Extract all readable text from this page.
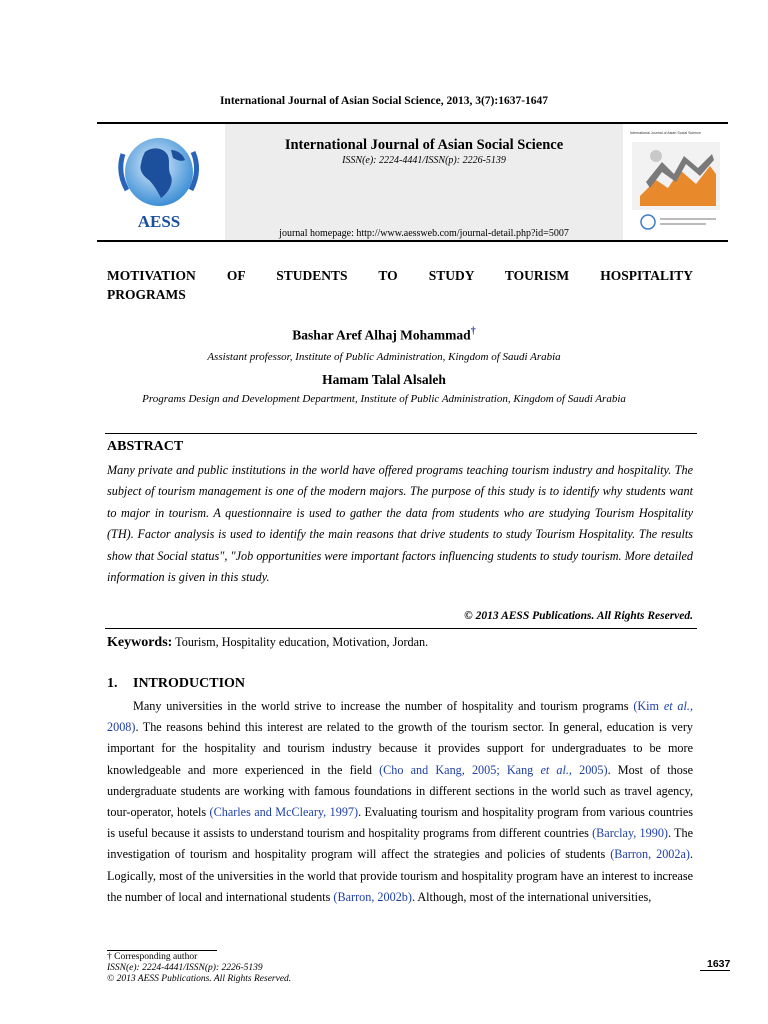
International Journal of Asian Social Science, 2013, 3(7):1637-1647
AESS
International Journal of Asian Social Science
ISSN(e): 2224-4441/ISSN(p): 2226-5139
journal homepage: http://www.aessweb.com/journal-detail.php?id=5007
International Journal of Asian Social Science
MOTIVATION OF STUDENTS TO STUDY TOURISM HOSPITALITY
PROGRAMS
Bashar Aref Alhaj Mohammad†
Assistant professor, Institute of Public Administration, Kingdom of Saudi Arabia
Hamam Talal Alsaleh
Programs Design and Development Department, Institute of Public Administration, Kingdom of Saudi Arabia
ABSTRACT
Many private and public institutions in the world have offered programs teaching tourism industry and hospitality. The subject of tourism management is one of the modern majors. The purpose of this study is to identify why students want to major in tourism. A questionnaire is used to gather the data from students who are studying Tourism Hospitality (TH). Factor analysis is used to identify the main reasons that drive students to study Tourism Hospitality. The results show that Social status", "Job opportunities were important factors influencing students to study tourism. More detailed information is given in this study.
© 2013 AESS Publications. All Rights Reserved.
Keywords: Tourism, Hospitality education, Motivation, Jordan.
1. INTRODUCTION
Many universities in the world strive to increase the number of hospitality and tourism programs (Kim et al., 2008). The reasons behind this interest are related to the growth of the tourism sector. In general, education is very important for the hospitality and tourism industry because it provides support for undergraduates to be more knowledgeable and more experienced in the field (Cho and Kang, 2005; Kang et al., 2005). Most of those undergraduate students are working with famous foundations in different sections in the world such as travel agency, tour-operator, hotels (Charles and McCleary, 1997). Evaluating tourism and hospitality program from various countries is useful because it assists to understand tourism and hospitality programs from different countries (Barclay, 1990). The investigation of tourism and hospitality program will affect the strategies and policies of students (Barron, 2002a). Logically, most of the universities in the world that provide tourism and hospitality program have an interest to increase the number of local and international students (Barron, 2002b). Although, most of the international universities,
† Corresponding author
ISSN(e): 2224-4441/ISSN(p): 2226-5139
© 2013 AESS Publications. All Rights Reserved.
1637
